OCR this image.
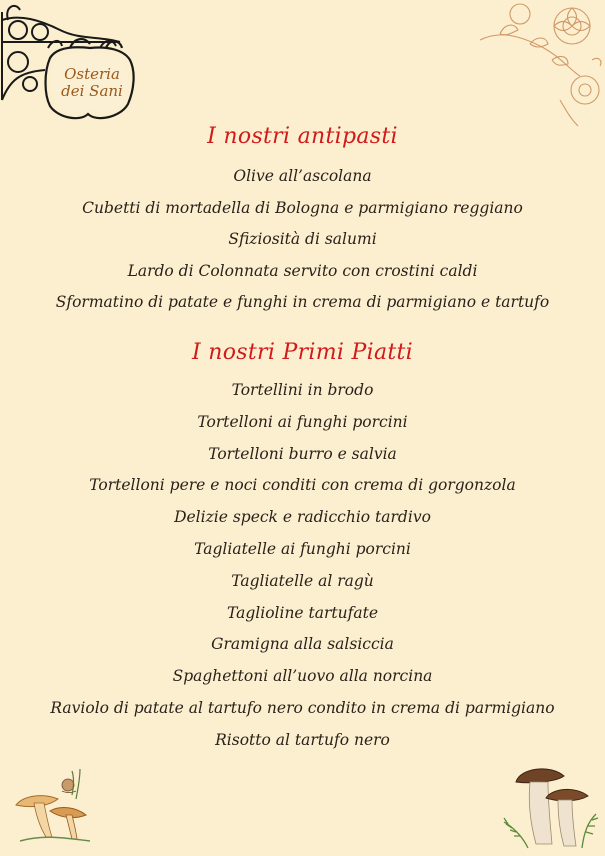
Osteria
dei Sani
I nostri antipasti
Olive all’ascolana
Cubetti di mortadella di Bologna e parmigiano reggiano
Sfiziosità di salumi
Lardo di Colonnata servito con crostini caldi
Sformatino di patate e funghi in crema di parmigiano e tartufo
I nostri Primi Piatti
Tortellini in brodo
Tortelloni ai funghi porcini
Tortelloni burro e salvia
Tortelloni pere e noci conditi con crema di gorgonzola
Delizie speck e radicchio tardivo
Tagliatelle ai funghi porcini
Tagliatelle al ragù
Taglioline tartufate
Gramigna alla salsiccia
Spaghettoni all’uovo alla norcina
Raviolo di patate al tartufo nero condito in crema di parmigiano
Risotto al tartufo nero
